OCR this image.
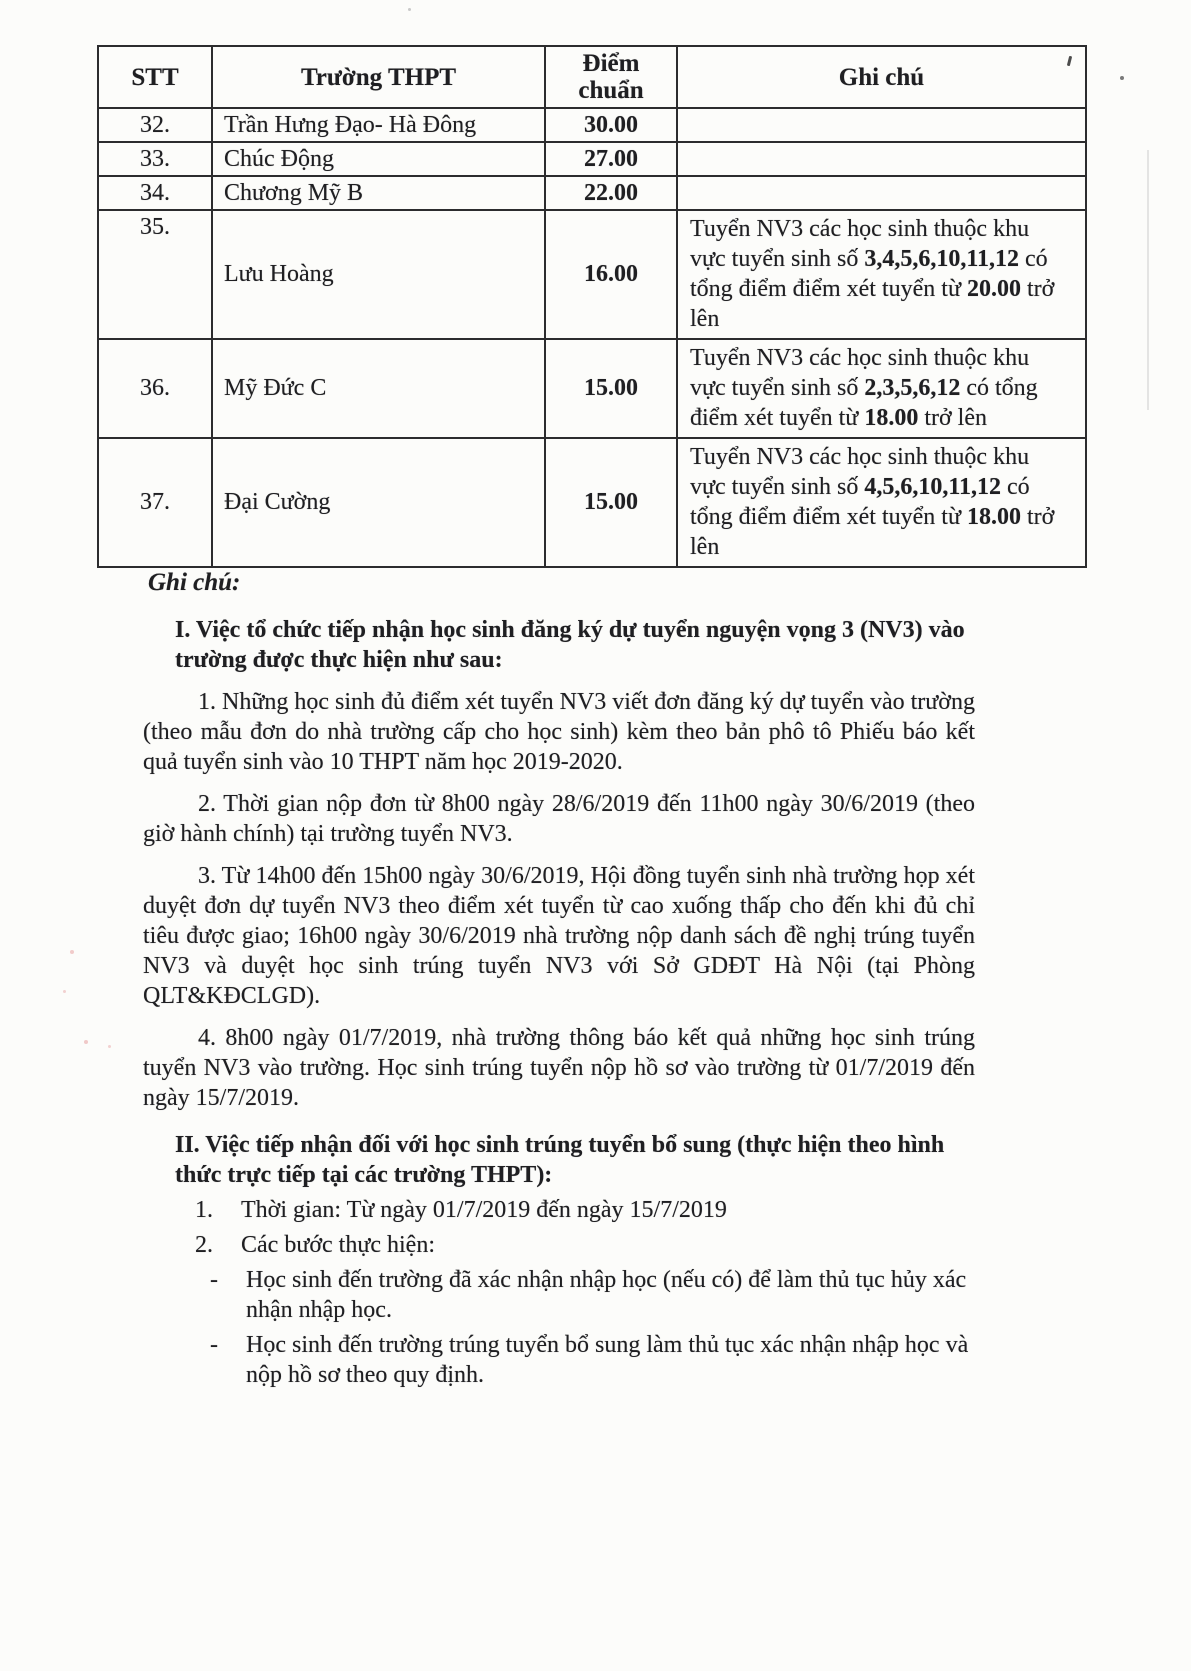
STT	Trường THPT	Điểm chuẩn	Ghi chú
32.	Trần Hưng Đạo- Hà Đông	30.00	
33.	Chúc Động	27.00	
34.	Chương Mỹ B	22.00	
35.	Lưu Hoàng	16.00	Tuyển NV3 các học sinh thuộc khu vực tuyển sinh số 3,4,5,6,10,11,12 có tổng điểm điểm xét tuyển từ 20.00 trở lên
36.	Mỹ Đức C	15.00	Tuyển NV3 các học sinh thuộc khu vực tuyển sinh số 2,3,5,6,12 có tổng điểm xét tuyển từ 18.00 trở lên
37.	Đại Cường	15.00	Tuyển NV3 các học sinh thuộc khu vực tuyển sinh số 4,5,6,10,11,12 có tổng điểm điểm xét tuyển từ 18.00 trở lên
Ghi chú:
I. Việc tổ chức tiếp nhận học sinh đăng ký dự tuyển nguyện vọng 3 (NV3) vào trường được thực hiện như sau:
1. Những học sinh đủ điểm xét tuyển NV3 viết đơn đăng ký dự tuyển vào trường (theo mẫu đơn do nhà trường cấp cho học sinh) kèm theo bản phô tô Phiếu báo kết quả tuyển sinh vào 10 THPT năm học 2019-2020.
2. Thời gian nộp đơn từ 8h00 ngày 28/6/2019 đến 11h00 ngày 30/6/2019 (theo giờ hành chính) tại trường tuyển NV3.
3. Từ 14h00 đến 15h00 ngày 30/6/2019, Hội đồng tuyển sinh nhà trường họp xét duyệt đơn dự tuyển NV3 theo điểm xét tuyển từ cao xuống thấp cho đến khi đủ chỉ tiêu được giao; 16h00 ngày 30/6/2019 nhà trường nộp danh sách đề nghị trúng tuyển NV3 và duyệt học sinh trúng tuyển NV3 với Sở GDĐT Hà Nội (tại Phòng QLT&KĐCLGD).
4. 8h00 ngày 01/7/2019, nhà trường thông báo kết quả những học sinh trúng tuyển NV3 vào trường. Học sinh trúng tuyển nộp hồ sơ vào trường từ 01/7/2019 đến ngày 15/7/2019.
II. Việc tiếp nhận đối với học sinh trúng tuyển bổ sung (thực hiện theo hình thức trực tiếp tại các trường THPT):
1.	Thời gian: Từ ngày 01/7/2019 đến ngày 15/7/2019
2.	Các bước thực hiện:
-	Học sinh đến trường đã xác nhận nhập học (nếu có) để làm thủ tục hủy xác nhận nhập học.
-	Học sinh đến trường trúng tuyển bổ sung làm thủ tục xác nhận nhập học và nộp hồ sơ theo quy định.
